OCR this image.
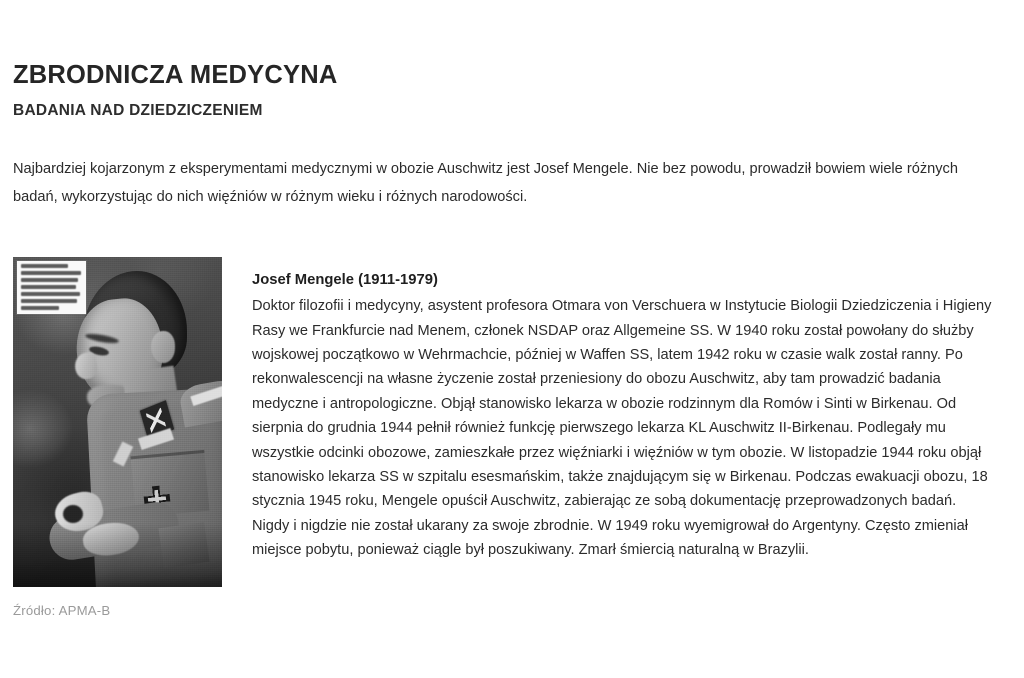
ZBRODNICZA MEDYCYNA
BADANIA NAD DZIEDZICZENIEM

Najbardziej kojarzonym z eksperymentami medycznymi w obozie Auschwitz jest Josef Mengele. Nie bez powodu, prowadził bowiem wiele różnych badań, wykorzystując do nich więźniów w różnym wieku i różnych narodowości.

Źródło: APMA-B
Josef Mengele (1911-1979)

Doktor filozofii i medycyny, asystent profesora Otmara von Verschuera w Instytucie Biologii Dziedziczenia i Higieny Rasy we Frankfurcie nad Menem, członek NSDAP oraz Allgemeine SS. W 1940 roku został powołany do służby wojskowej początkowo w Wehrmachcie, później w Waffen SS, latem 1942 roku w czasie walk został ranny. Po rekonwalescencji na własne życzenie został przeniesiony do obozu Auschwitz, aby tam prowadzić badania medyczne i antropologiczne. Objął stanowisko lekarza w obozie rodzinnym dla Romów i Sinti w Birkenau. Od sierpnia do grudnia 1944 pełnił również funkcję pierwszego lekarza KL Auschwitz II-Birkenau. Podlegały mu wszystkie odcinki obozowe, zamieszkałe przez więźniarki i więźniów w tym obozie. W listopadzie 1944 roku objął stanowisko lekarza SS w szpitalu esesmańskim, także znajdującym się w Birkenau. Podczas ewakuacji obozu, 18 stycznia 1945 roku, Mengele opuścił Auschwitz, zabierając ze sobą dokumentację przeprowadzonych badań. Nigdy i nigdzie nie został ukarany za swoje zbrodnie. W 1949 roku wyemigrował do Argentyny. Często zmieniał miejsce pobytu, ponieważ ciągle był poszukiwany. Zmarł śmiercią naturalną w Brazylii.
